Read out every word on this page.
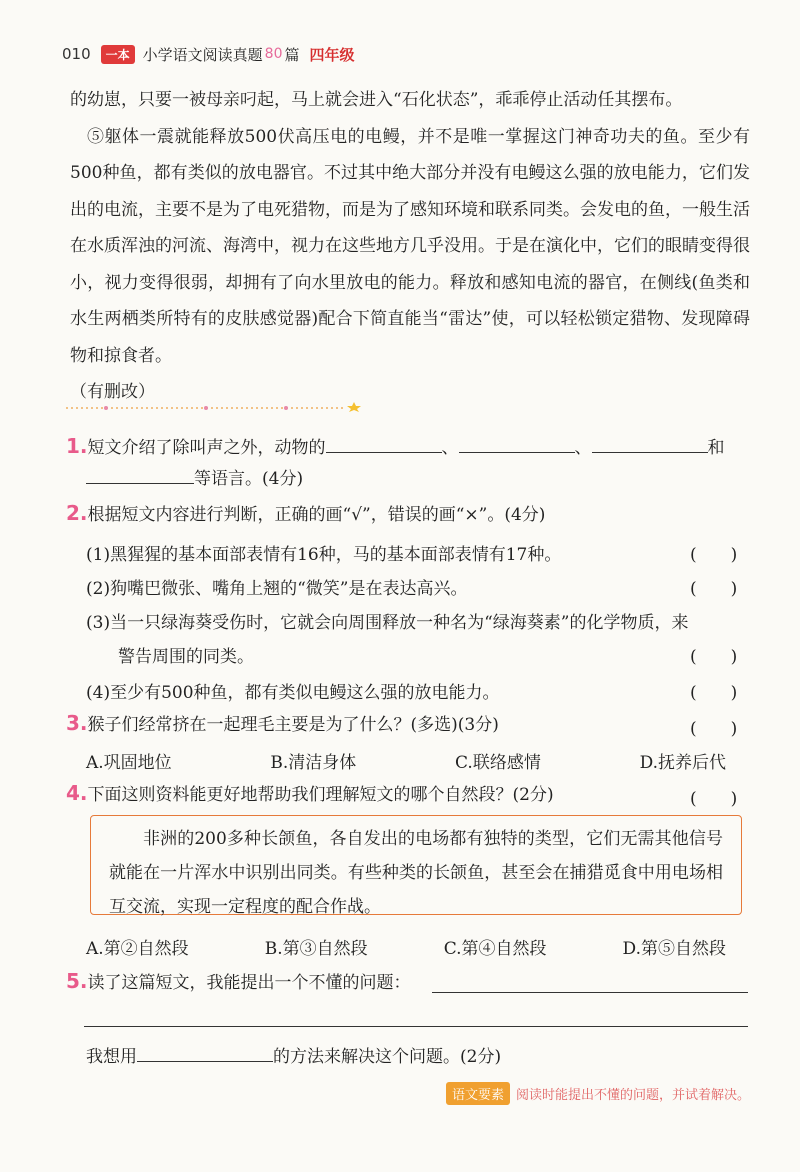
010	一本 小学语文阅读真题 80 篇 四年级

的幼崽，只要一被母亲叼起，马上就会进入“石化状态”，乖乖停止活动任其摆布。

⑤躯体一震就能释放500伏高压电的电鳗，并不是唯一掌握这门神奇功夫的鱼。至少有500种鱼，都有类似的放电器官。不过其中绝大部分并没有电鳗这么强的放电能力，它们发出的电流，主要不是为了电死猎物，而是为了感知环境和联系同类。会发电的鱼，一般生活在水质浑浊的河流、海湾中，视力在这些地方几乎没用。于是在演化中，它们的眼睛变得很小，视力变得很弱，却拥有了向水里放电的能力。释放和感知电流的器官，在侧线(鱼类和水生两栖类所特有的皮肤感觉器)配合下简直能当“雷达”使，可以轻松锁定猎物、发现障碍物和掠食者。

（有删改）

1.短文介绍了除叫声之外，动物的	、	、	和
等语言。(4分)
2.根据短文内容进行判断，正确的画“√”，错误的画“×”。(4分)
(1)黑猩猩的基本面部表情有16种，马的基本面部表情有17种。	(　　)
(2)狗嘴巴微张、嘴角上翘的“微笑”是在表达高兴。	(　　)
(3)当一只绿海葵受伤时，它就会向周围释放一种名为“绿海葵素”的化学物质，来
警告周围的同类。	(　　)
(4)至少有500种鱼，都有类似电鳗这么强的放电能力。	(　　)
3.猴子们经常挤在一起理毛主要是为了什么？(多选)(3分)	(　　)
A.巩固地位	B.清洁身体	C.联络感情	D.抚养后代
4.下面这则资料能更好地帮助我们理解短文的哪个自然段？(2分)	(　　)

非洲的200多种长颌鱼，各自发出的电场都有独特的类型，它们无需其他信号就能在一片浑水中识别出同类。有些种类的长颌鱼，甚至会在捕猎觅食中用电场相互交流，实现一定程度的配合作战。

A.第②自然段	B.第③自然段	C.第④自然段	D.第⑤自然段
5.读了这篇短文，我能提出一个不懂的问题：
我想用	的方法来解决这个问题。(2分)
语文要素 阅读时能提出不懂的问题，并试着解决。
